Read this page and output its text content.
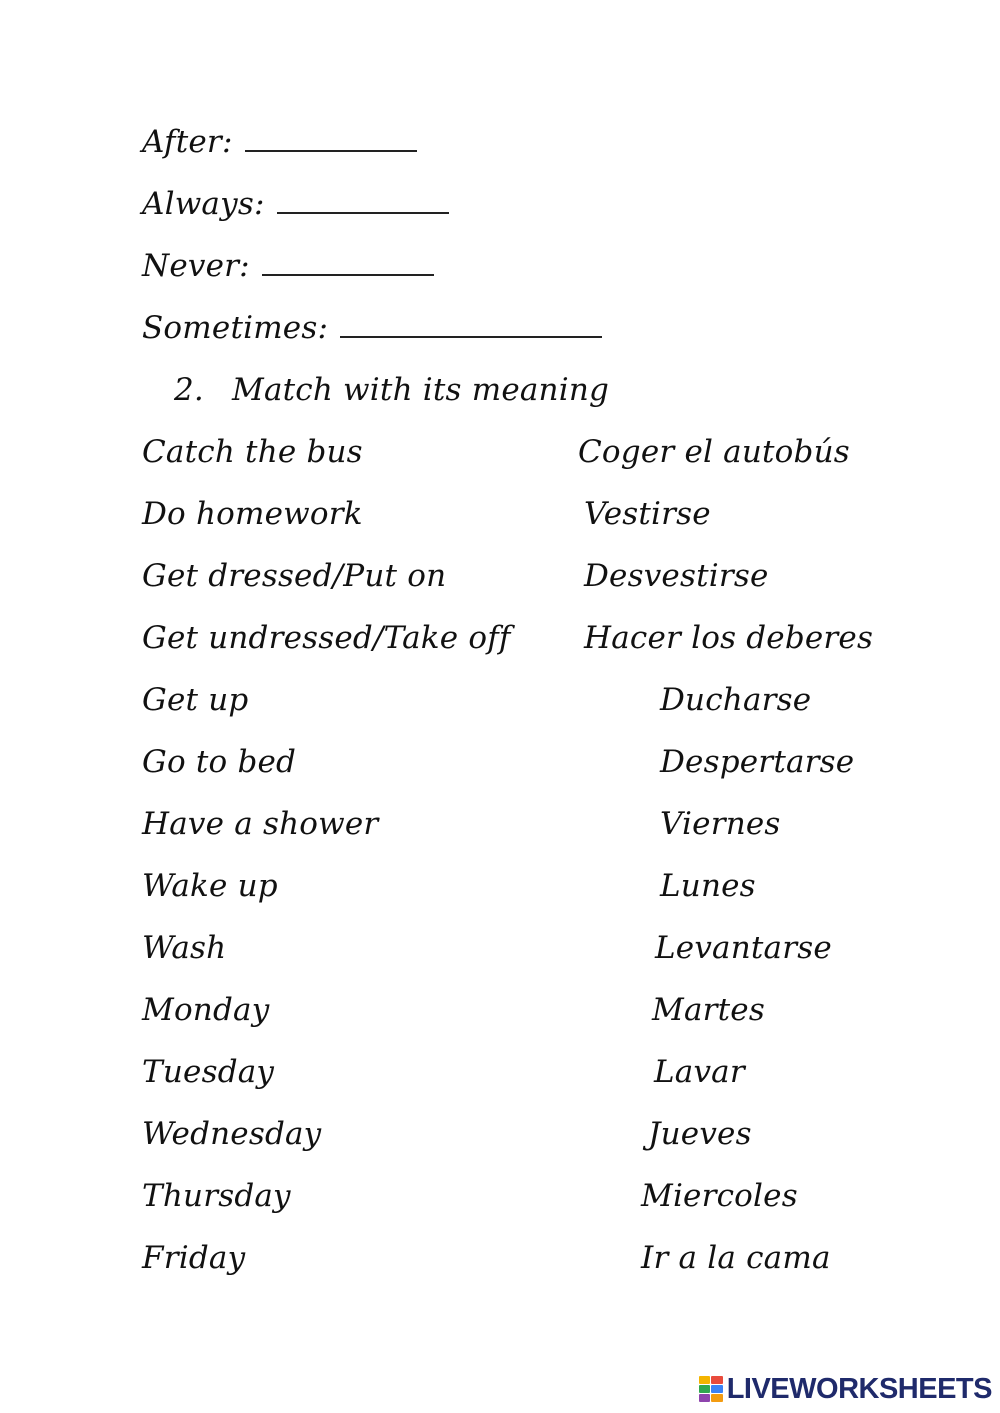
After:
Always:
Never:
Sometimes:
2. Match with its meaning
Catch the bus
Do homework
Get dressed/Put on
Get undressed/Take off
Get up
Go to bed
Have a shower
Wake up
Wash
Monday
Tuesday
Wednesday
Thursday
Friday
Coger el autobús
Vestirse
Desvestirse
Hacer los deberes
Ducharse
Despertarse
Viernes
Lunes
Levantarse
Martes
Lavar
Jueves
Miercoles
Ir a la cama
LIVEWORKSHEETS
